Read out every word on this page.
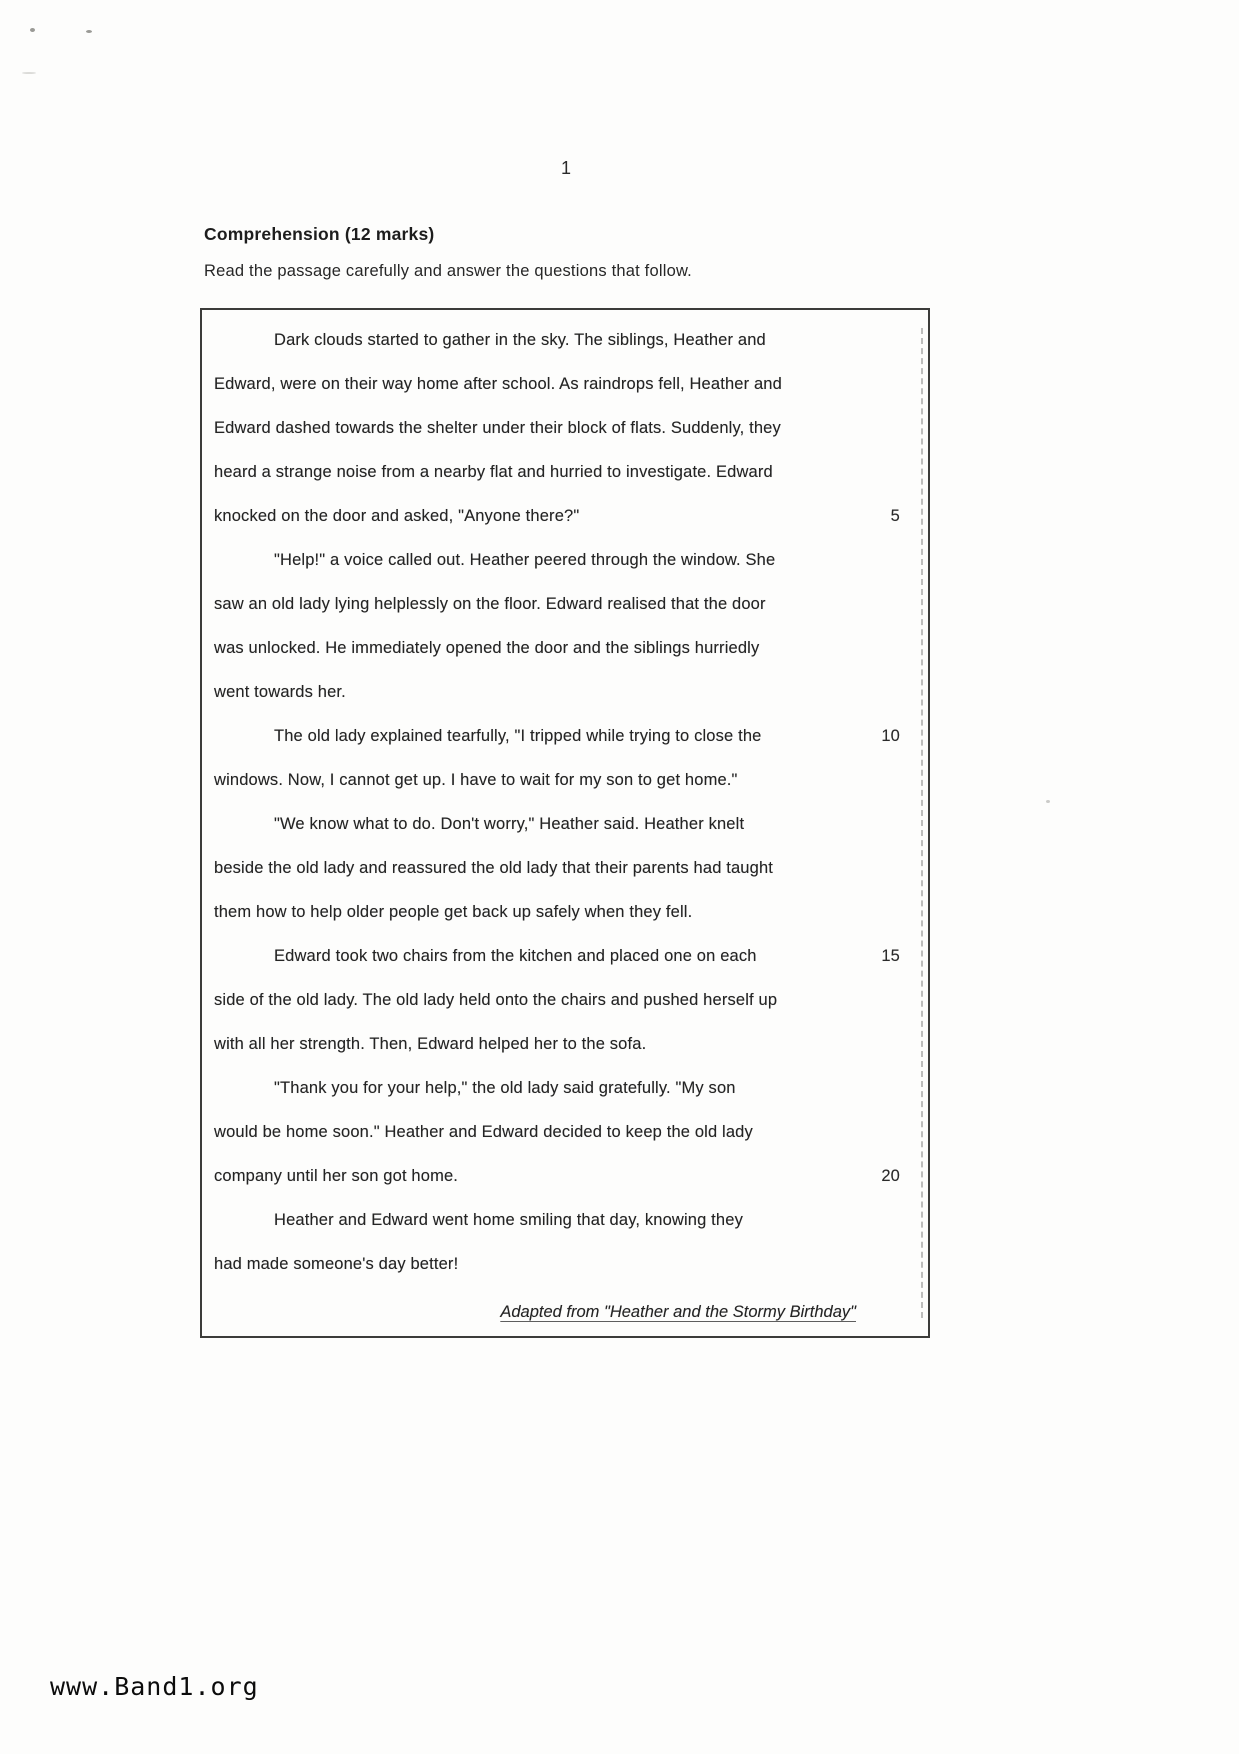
1
Comprehension (12 marks)
Read the passage carefully and answer the questions that follow.
Dark clouds started to gather in the sky. The siblings, Heather and
Edward, were on their way home after school. As raindrops fell, Heather and
Edward dashed towards the shelter under their block of flats. Suddenly, they
heard a strange noise from a nearby flat and hurried to investigate. Edward
knocked on the door and asked, "Anyone there?"	5
"Help!" a voice called out. Heather peered through the window. She
saw an old lady lying helplessly on the floor. Edward realised that the door
was unlocked. He immediately opened the door and the siblings hurriedly
went towards her.
The old lady explained tearfully, "I tripped while trying to close the	10
windows. Now, I cannot get up. I have to wait for my son to get home."
"We know what to do. Don't worry," Heather said. Heather knelt
beside the old lady and reassured the old lady that their parents had taught
them how to help older people get back up safely when they fell.
Edward took two chairs from the kitchen and placed one on each	15
side of the old lady. The old lady held onto the chairs and pushed herself up
with all her strength. Then, Edward helped her to the sofa.
"Thank you for your help," the old lady said gratefully. "My son
would be home soon." Heather and Edward decided to keep the old lady
company until her son got home.	20
Heather and Edward went home smiling that day, knowing they
had made someone's day better!
Adapted from "Heather and the Stormy Birthday"
www.Band1.org
